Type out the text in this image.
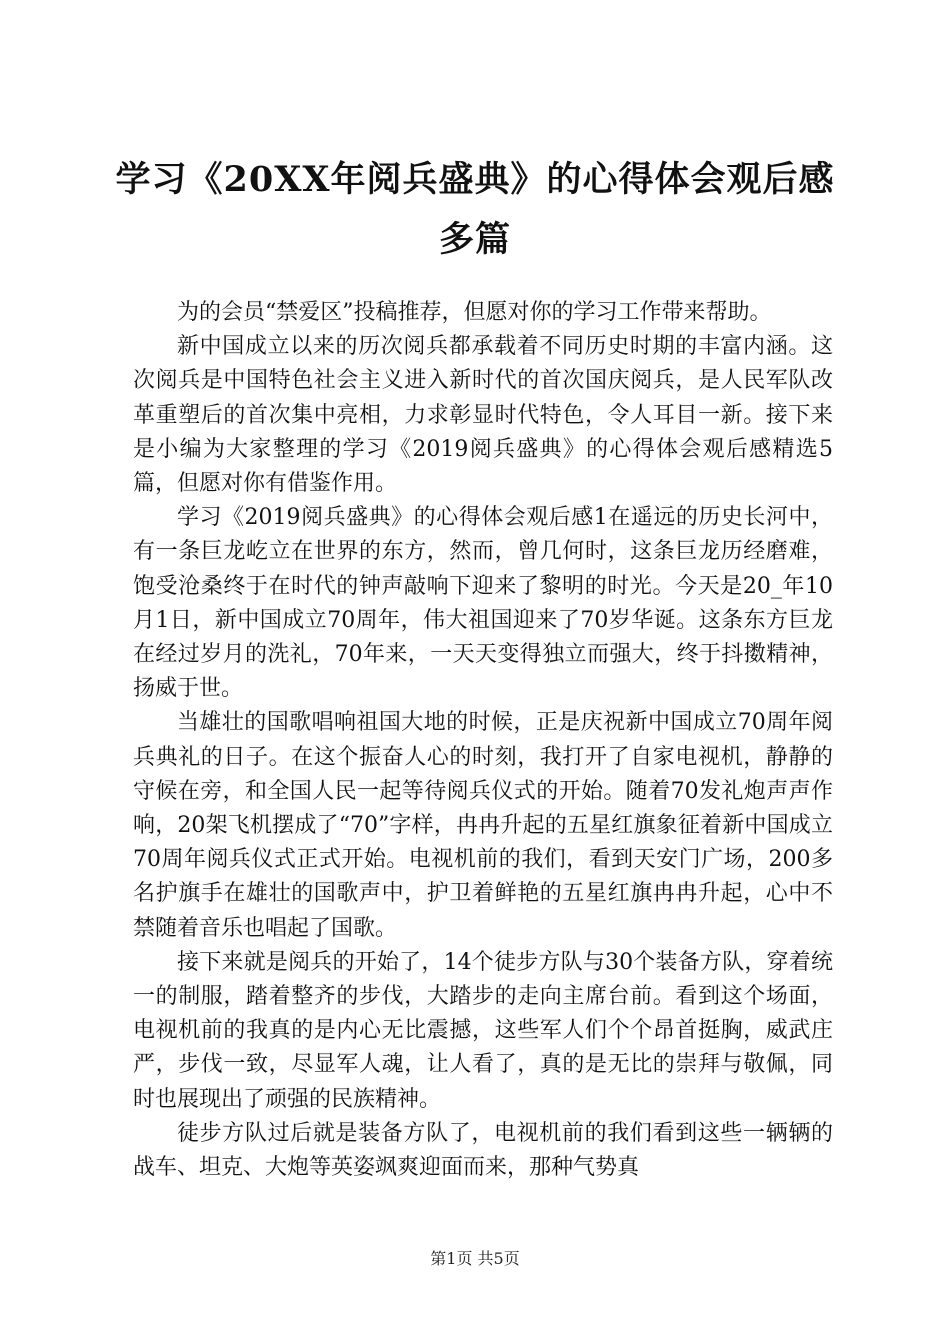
学习《20XX年阅兵盛典》的心得体会观后感
多篇

为的会员“禁爱区”投稿推荐，但愿对你的学习工作带来帮助。

新中国成立以来的历次阅兵都承载着不同历史时期的丰富内涵。这次阅兵是中国特色社会主义进入新时代的首次国庆阅兵，是人民军队改革重塑后的首次集中亮相，力求彰显时代特色，令人耳目一新。接下来是小编为大家整理的学习《2019阅兵盛典》的心得体会观后感精选5篇，但愿对你有借鉴作用。

学习《2019阅兵盛典》的心得体会观后感1在遥远的历史长河中，有一条巨龙屹立在世界的东方，然而，曾几何时，这条巨龙历经磨难，饱受沧桑终于在时代的钟声敲响下迎来了黎明的时光。今天是20_年10月1日，新中国成立70周年，伟大祖国迎来了70岁华诞。这条东方巨龙在经过岁月的洗礼，70年来，一天天变得独立而强大，终于抖擞精神，扬威于世。

当雄壮的国歌唱响祖国大地的时候，正是庆祝新中国成立70周年阅兵典礼的日子。在这个振奋人心的时刻，我打开了自家电视机，静静的守候在旁，和全国人民一起等待阅兵仪式的开始。随着70发礼炮声声作响，20架飞机摆成了“70”字样，冉冉升起的五星红旗象征着新中国成立70周年阅兵仪式正式开始。电视机前的我们，看到天安门广场，200多名护旗手在雄壮的国歌声中，护卫着鲜艳的五星红旗冉冉升起，心中不禁随着音乐也唱起了国歌。

接下来就是阅兵的开始了，14个徒步方队与30个装备方队，穿着统一的制服，踏着整齐的步伐，大踏步的走向主席台前。看到这个场面，电视机前的我真的是内心无比震撼，这些军人们个个昂首挺胸，威武庄严，步伐一致，尽显军人魂，让人看了，真的是无比的崇拜与敬佩，同时也展现出了顽强的民族精神。

徒步方队过后就是装备方队了，电视机前的我们看到这些一辆辆的战车、坦克、大炮等英姿飒爽迎面而来，那种气势真

第1页 共5页
